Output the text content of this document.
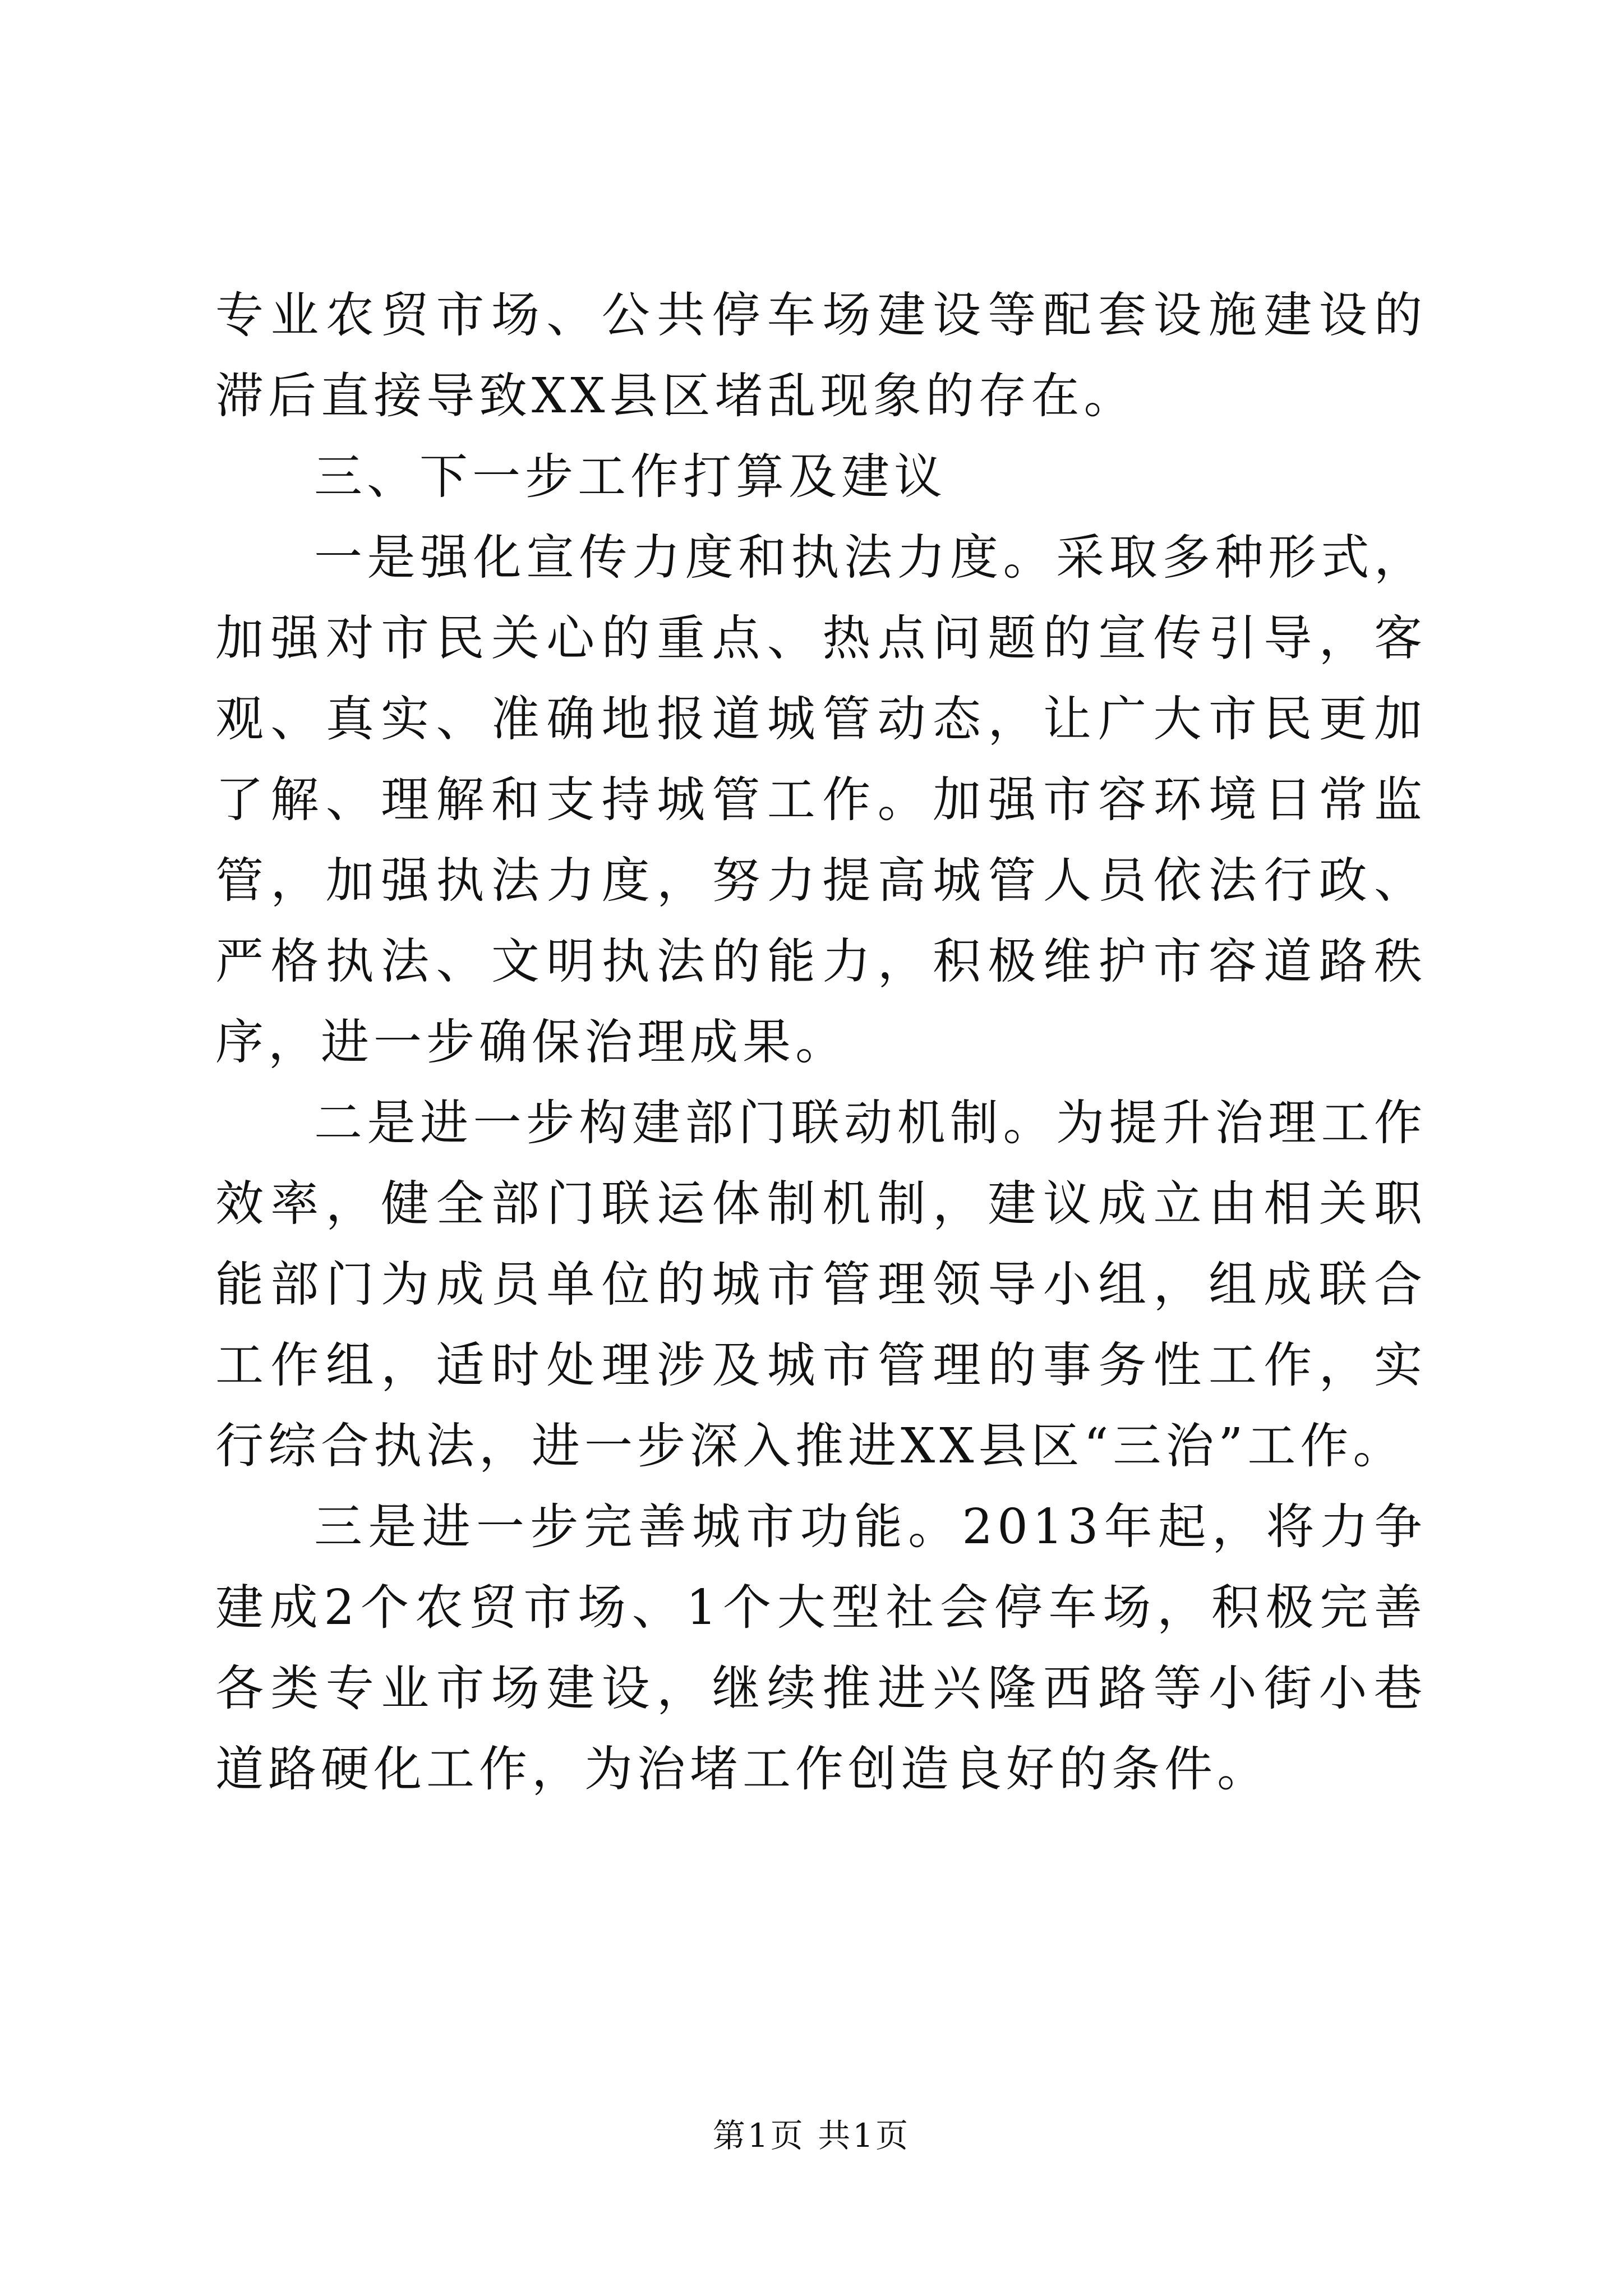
专业农贸市场、公共停车场建设等配套设施建设的滞后直接导致XX县区堵乱现象的存在。

三、下一步工作打算及建议

一是强化宣传力度和执法力度。采取多种形式，加强对市民关心的重点、热点问题的宣传引导，客观、真实、准确地报道城管动态，让广大市民更加了解、理解和支持城管工作。加强市容环境日常监管，加强执法力度，努力提高城管人员依法行政、严格执法、文明执法的能力，积极维护市容道路秩序，进一步确保治理成果。

二是进一步构建部门联动机制。为提升治理工作效率，健全部门联运体制机制，建议成立由相关职能部门为成员单位的城市管理领导小组，组成联合工作组，适时处理涉及城市管理的事务性工作，实行综合执法，进一步深入推进XX县区“三治”工作。

三是进一步完善城市功能。2013年起，将力争建成2个农贸市场、1个大型社会停车场，积极完善各类专业市场建设，继续推进兴隆西路等小街小巷道路硬化工作，为治堵工作创造良好的条件。

第1页 共1页
